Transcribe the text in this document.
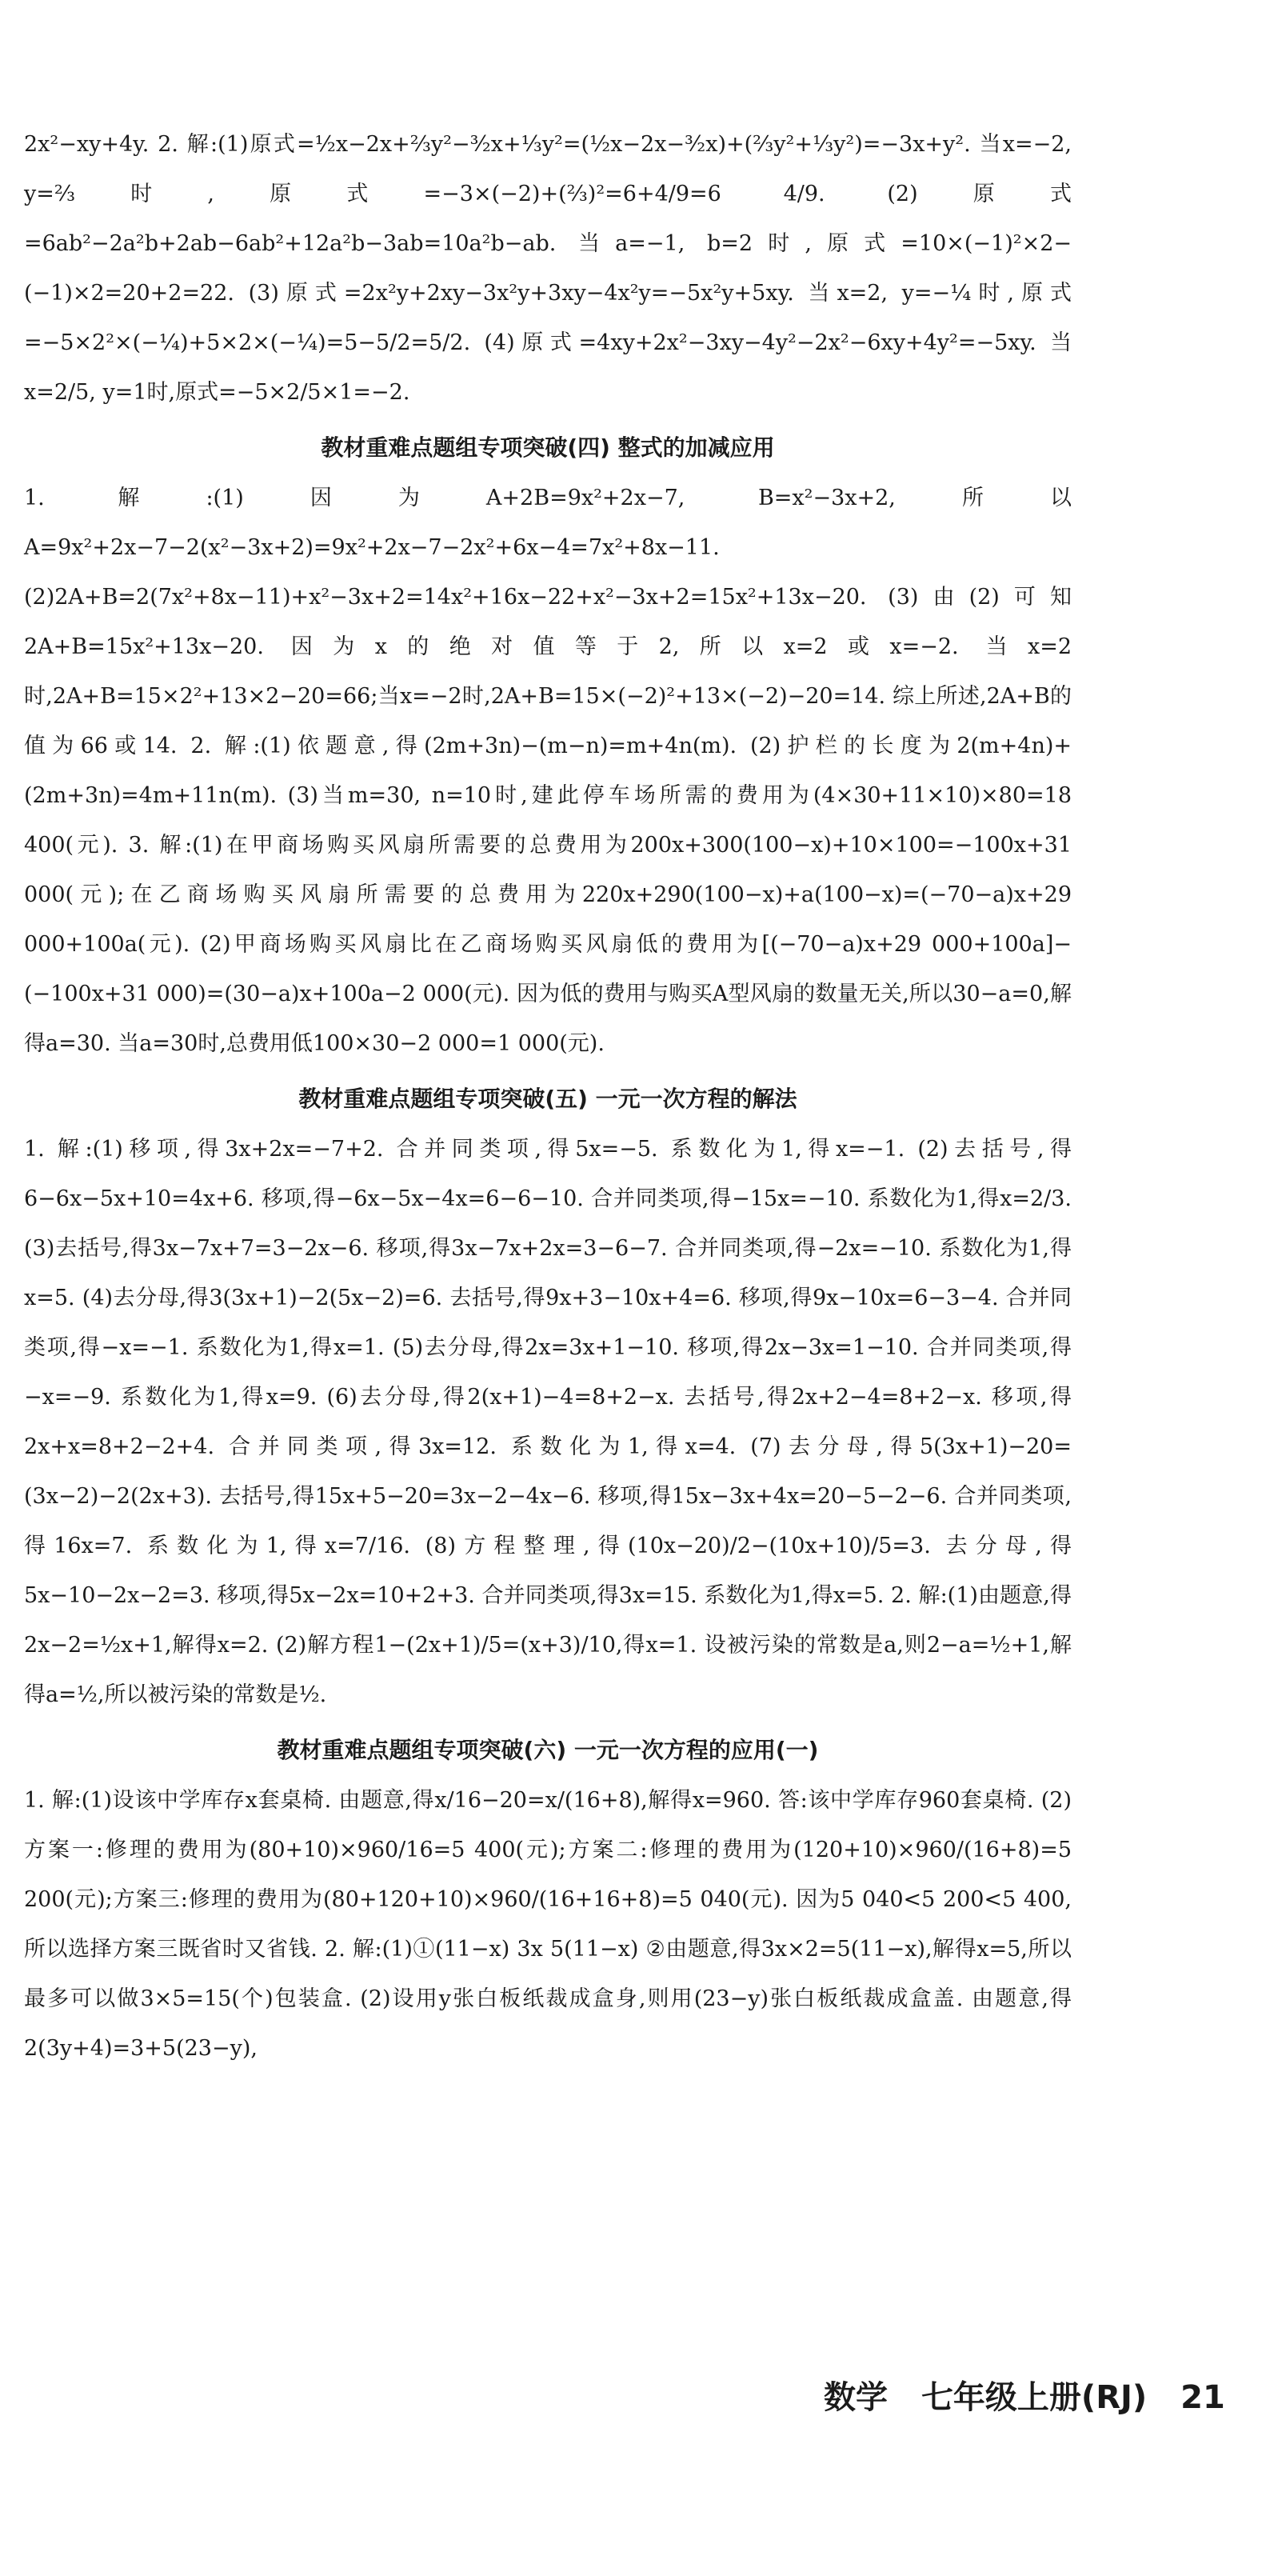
2x²−xy+4y. 2. 解:(1)原式=½x−2x+⅔y²−³⁄₂x+⅓y²=(½x−2x−³⁄₂x)+(⅔y²+⅓y²)=−3x+y². 当x=−2, y=⅔时,原式=−3×(−2)+(⅔)²=6+4/9=6 4/9. (2)原式=6ab²−2a²b+2ab−6ab²+12a²b−3ab=10a²b−ab. 当a=−1, b=2时,原式=10×(−1)²×2−(−1)×2=20+2=22. (3)原式=2x²y+2xy−3x²y+3xy−4x²y=−5x²y+5xy. 当x=2, y=−¼时,原式=−5×2²×(−¼)+5×2×(−¼)=5−5/2=5/2. (4)原式=4xy+2x²−3xy−4y²−2x²−6xy+4y²=−5xy. 当x=2/5, y=1时,原式=−5×2/5×1=−2.

教材重难点题组专项突破(四) 整式的加减应用

1. 解:(1)因为A+2B=9x²+2x−7, B=x²−3x+2,所以A=9x²+2x−7−2(x²−3x+2)=9x²+2x−7−2x²+6x−4=7x²+8x−11. (2)2A+B=2(7x²+8x−11)+x²−3x+2=14x²+16x−22+x²−3x+2=15x²+13x−20. (3)由(2)可知2A+B=15x²+13x−20. 因为x的绝对值等于2,所以x=2或x=−2. 当x=2时,2A+B=15×2²+13×2−20=66;当x=−2时,2A+B=15×(−2)²+13×(−2)−20=14. 综上所述,2A+B的值为66或14. 2. 解:(1)依题意,得(2m+3n)−(m−n)=m+4n(m). (2)护栏的长度为2(m+4n)+(2m+3n)=4m+11n(m). (3)当m=30, n=10时,建此停车场所需的费用为(4×30+11×10)×80=18 400(元). 3. 解:(1)在甲商场购买风扇所需要的总费用为200x+300(100−x)+10×100=−100x+31 000(元);在乙商场购买风扇所需要的总费用为220x+290(100−x)+a(100−x)=(−70−a)x+29 000+100a(元). (2)甲商场购买风扇比在乙商场购买风扇低的费用为[(−70−a)x+29 000+100a]−(−100x+31 000)=(30−a)x+100a−2 000(元). 因为低的费用与购买A型风扇的数量无关,所以30−a=0,解得a=30. 当a=30时,总费用低100×30−2 000=1 000(元).

教材重难点题组专项突破(五) 一元一次方程的解法

1. 解:(1)移项,得3x+2x=−7+2. 合并同类项,得5x=−5. 系数化为1,得x=−1. (2)去括号,得6−6x−5x+10=4x+6. 移项,得−6x−5x−4x=6−6−10. 合并同类项,得−15x=−10. 系数化为1,得x=2/3. (3)去括号,得3x−7x+7=3−2x−6. 移项,得3x−7x+2x=3−6−7. 合并同类项,得−2x=−10. 系数化为1,得x=5. (4)去分母,得3(3x+1)−2(5x−2)=6. 去括号,得9x+3−10x+4=6. 移项,得9x−10x=6−3−4. 合并同类项,得−x=−1. 系数化为1,得x=1. (5)去分母,得2x=3x+1−10. 移项,得2x−3x=1−10. 合并同类项,得−x=−9. 系数化为1,得x=9. (6)去分母,得2(x+1)−4=8+2−x. 去括号,得2x+2−4=8+2−x. 移项,得2x+x=8+2−2+4. 合并同类项,得3x=12. 系数化为1,得x=4. (7)去分母,得5(3x+1)−20=(3x−2)−2(2x+3). 去括号,得15x+5−20=3x−2−4x−6. 移项,得15x−3x+4x=20−5−2−6. 合并同类项,得16x=7. 系数化为1,得x=7/16. (8)方程整理,得(10x−20)/2−(10x+10)/5=3. 去分母,得5x−10−2x−2=3. 移项,得5x−2x=10+2+3. 合并同类项,得3x=15. 系数化为1,得x=5. 2. 解:(1)由题意,得2x−2=½x+1,解得x=2. (2)解方程1−(2x+1)/5=(x+3)/10,得x=1. 设被污染的常数是a,则2−a=½+1,解得a=½,所以被污染的常数是½.

教材重难点题组专项突破(六) 一元一次方程的应用(一)

1. 解:(1)设该中学库存x套桌椅. 由题意,得x/16−20=x/(16+8),解得x=960. 答:该中学库存960套桌椅. (2)方案一:修理的费用为(80+10)×960/16=5 400(元);方案二:修理的费用为(120+10)×960/(16+8)=5 200(元);方案三:修理的费用为(80+120+10)×960/(16+16+8)=5 040(元). 因为5 040<5 200<5 400,所以选择方案三既省时又省钱. 2. 解:(1)①(11−x) 3x 5(11−x) ②由题意,得3x×2=5(11−x),解得x=5,所以最多可以做3×5=15(个)包装盒. (2)设用y张白板纸裁成盒身,则用(23−y)张白板纸裁成盒盖. 由题意,得2(3y+4)=3+5(23−y),

数学 七年级上册(RJ) 21
